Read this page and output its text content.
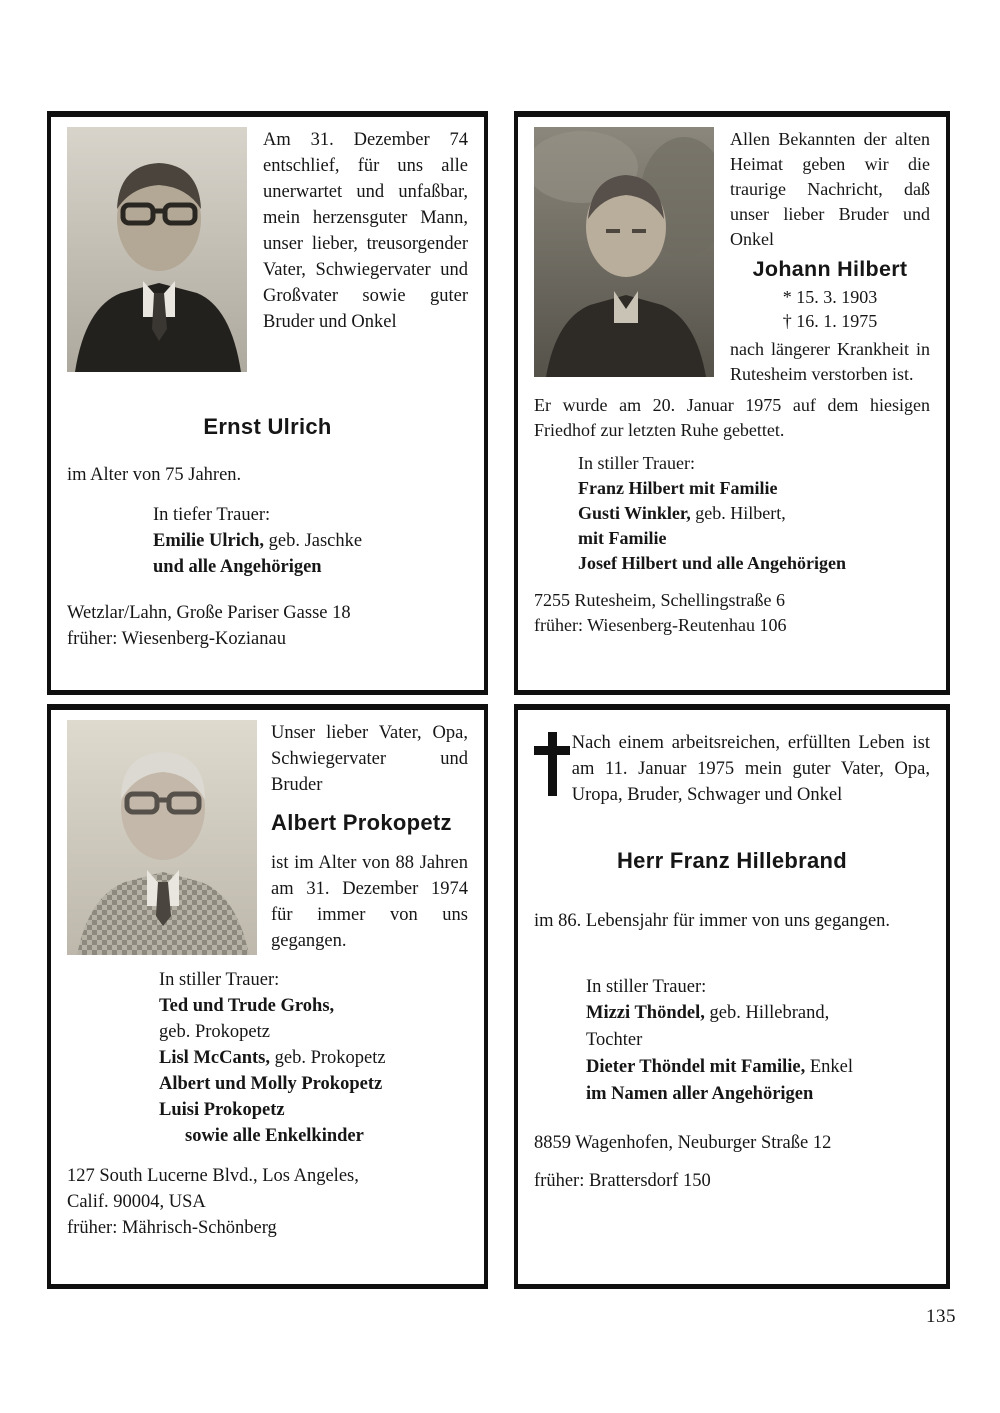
Am 31. Dezember 74 entschlief, für uns alle unerwartet und unfaßbar, mein herzensguter Mann, unser lieber, treusorgender Vater, Schwiegervater und Großvater sowie guter Bruder und Onkel

Ernst Ulrich

im Alter von 75 Jahren.

In tiefer Trauer:

Emilie Ulrich, geb. Jaschke

und alle Angehörigen

Wetzlar/Lahn, Große Pariser Gasse 18

früher: Wiesenberg-Kozianau

Allen Bekannten der alten Heimat geben wir die traurige Nachricht, daß unser lieber Bruder und Onkel

Johann Hilbert

* 15. 3. 1903

† 16. 1. 1975

nach längerer Krankheit in Rutesheim verstorben ist.

Er wurde am 20. Januar 1975 auf dem hiesigen Friedhof zur letzten Ruhe gebettet.

In stiller Trauer:

Franz Hilbert mit Familie

Gusti Winkler, geb. Hilbert,

mit Familie

Josef Hilbert und alle Angehörigen

7255 Rutesheim, Schellingstraße 6

früher: Wiesenberg-Reutenhau 106

Unser lieber Vater, Opa, Schwiegervater und Bruder

Albert Prokopetz

ist im Alter von 88 Jahren am 31. Dezember 1974 für immer von uns gegangen.

In stiller Trauer:

Ted und Trude Grohs,

geb. Prokopetz

Lisl McCants, geb. Prokopetz

Albert und Molly Prokopetz

Luisi Prokopetz

sowie alle Enkelkinder

127 South Lucerne Blvd., Los Angeles,

Calif. 90004, USA

früher: Mährisch-Schönberg

Nach einem arbeitsreichen, erfüllten Leben ist am 11. Januar 1975 mein guter Vater, Opa, Uropa, Bruder, Schwager und Onkel

Herr Franz Hillebrand

im 86. Lebensjahr für immer von uns gegangen.

In stiller Trauer:

Mizzi Thöndel, geb. Hillebrand,

Tochter

Dieter Thöndel mit Familie, Enkel

im Namen aller Angehörigen

8859 Wagenhofen, Neuburger Straße 12

früher: Brattersdorf 150

135
